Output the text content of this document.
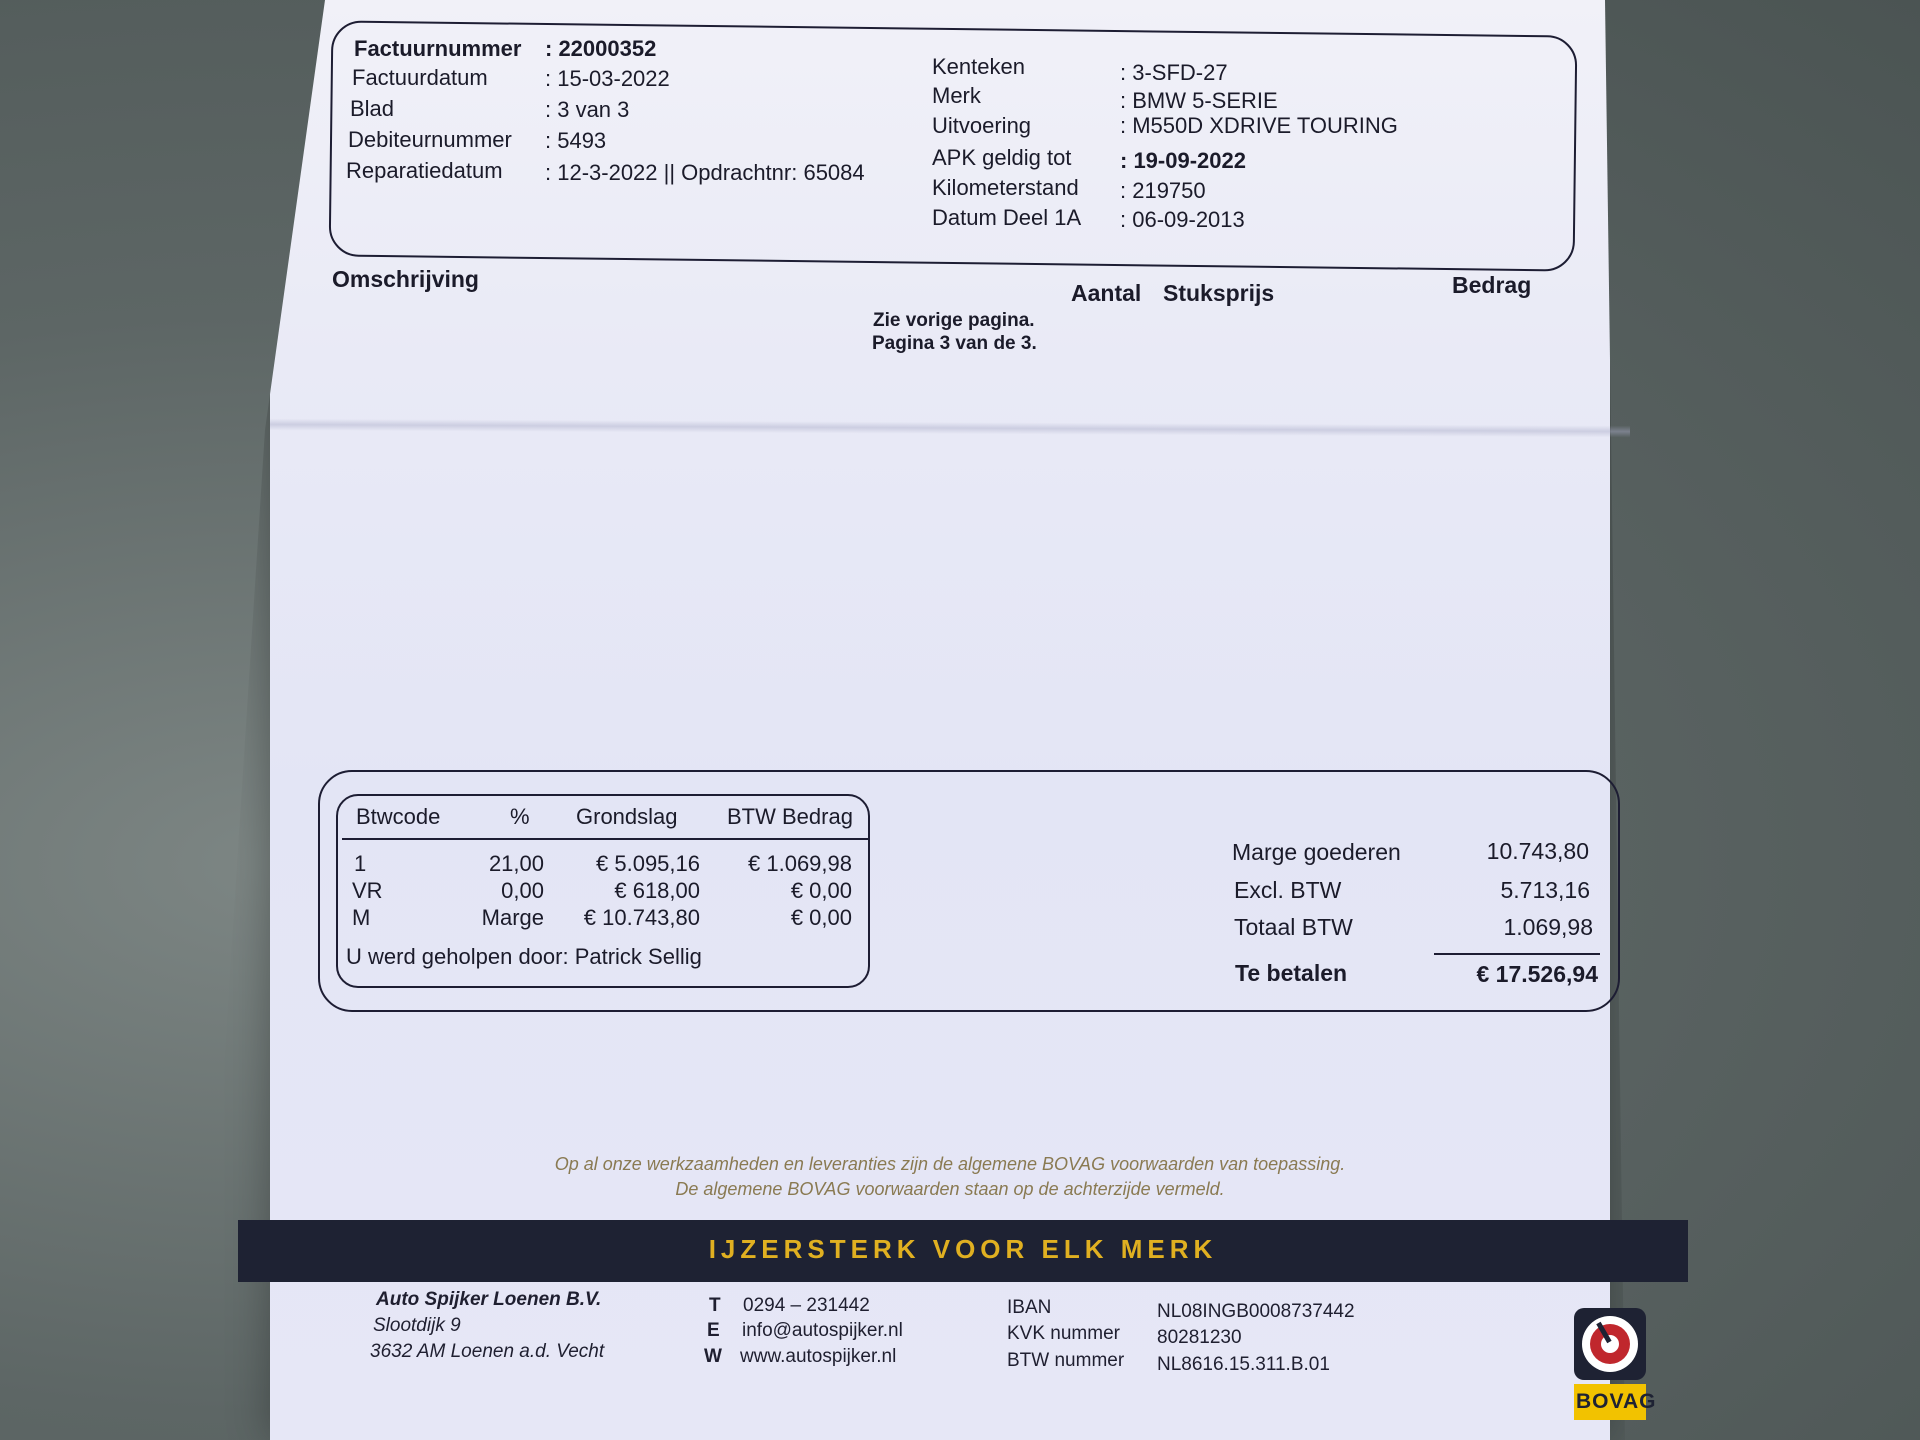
Factuurnummer : 22000352
Factuurdatum	: 15-03-2022
Blad	: 3 van 3
Debiteurnummer : 5493
Reparatiedatum : 12-3-2022 || Opdrachtnr: 65084
Kenteken	: 3-SFD-27
Merk	: BMW 5-SERIE
Uitvoering	: M550D XDRIVE TOURING
APK geldig tot : 19-09-2022
Kilometerstand : 219750
Datum Deel 1A : 06-09-2013
Omschrijving
Aantal Stuksprijs	Bedrag
Zie vorige pagina.
Pagina 3 van de 3.
Btwcode	% Grondslag BTW Bedrag
1	21,00 € 5.095,16 € 1.069,98
VR	0,00	€ 618,00	€ 0,00
M	Marge € 10.743,80	€ 0,00
U werd geholpen door: Patrick Sellig
Marge goederen	10.743,80
Excl. BTW	5.713,16
Totaal BTW	1.069,98
Te betalen	€ 17.526,94
Op al onze werkzaamheden en leveranties zijn de algemene BOVAG voorwaarden van toepassing.
De algemene BOVAG voorwaarden staan op de achterzijde vermeld.
IJZERSTERK VOOR ELK MERK
Auto Spijker Loenen B.V.
Slootdijk 9
3632 AM Loenen a.d. Vecht
T 0294 – 231442
E info@autospijker.nl
W www.autospijker.nl
IBAN	NL08INGB0008737442
KVK nummer 80281230
BTW nummer NL8616.15.311.B.01
BOVAG
